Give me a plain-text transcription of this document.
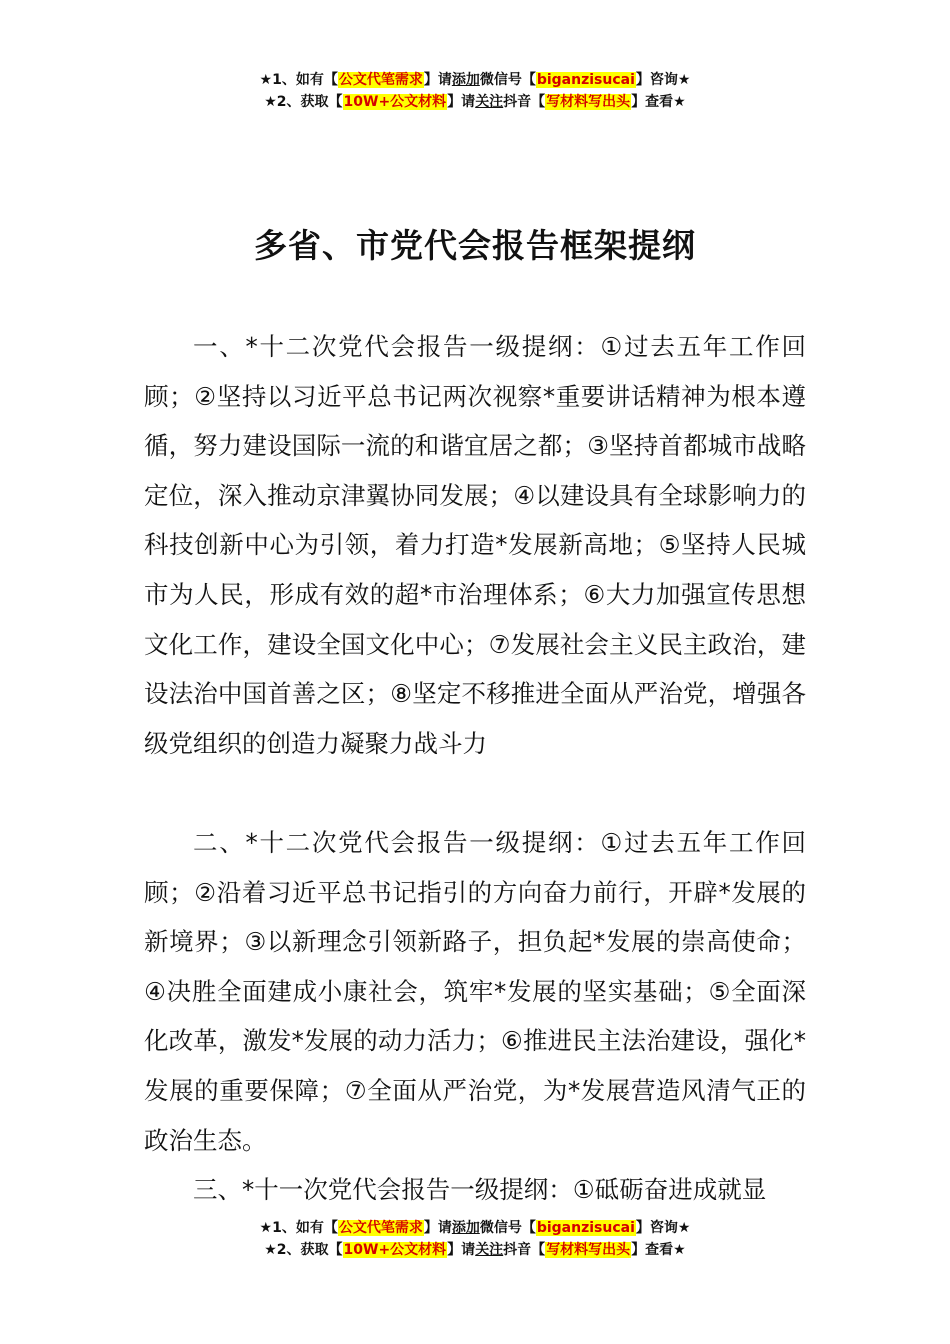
★1、如有【公文代笔需求】请添加微信号【biganzisucai】咨询★
★2、获取【10W+公文材料】请关注抖音【写材料写出头】查看★
多省、市党代会报告框架提纲

一、*十二次党代会报告一级提纲：①过去五年工作回顾；②坚持以习近平总书记两次视察*重要讲话精神为根本遵循，努力建设国际一流的和谐宜居之都；③坚持首都城市战略定位，深入推动京津翼协同发展；④以建设具有全球影响力的科技创新中心为引领，着力打造*发展新高地；⑤坚持人民城市为人民，形成有效的超*市治理体系；⑥大力加强宣传思想文化工作，建设全国文化中心；⑦发展社会主义民主政治，建设法治中国首善之区；⑧坚定不移推进全面从严治党，增强各级党组织的创造力凝聚力战斗力

二、*十二次党代会报告一级提纲：①过去五年工作回顾；②沿着习近平总书记指引的方向奋力前行，开辟*发展的新境界；③以新理念引领新路子，担负起*发展的崇高使命；④决胜全面建成小康社会，筑牢*发展的坚实基础；⑤全面深化改革，激发*发展的动力活力；⑥推进民主法治建设，强化*发展的重要保障；⑦全面从严治党，为*发展营造风清气正的政治生态。

三、*十一次党代会报告一级提纲：①砥砺奋进成就显

★1、如有【公文代笔需求】请添加微信号【biganzisucai】咨询★
★2、获取【10W+公文材料】请关注抖音【写材料写出头】查看★
